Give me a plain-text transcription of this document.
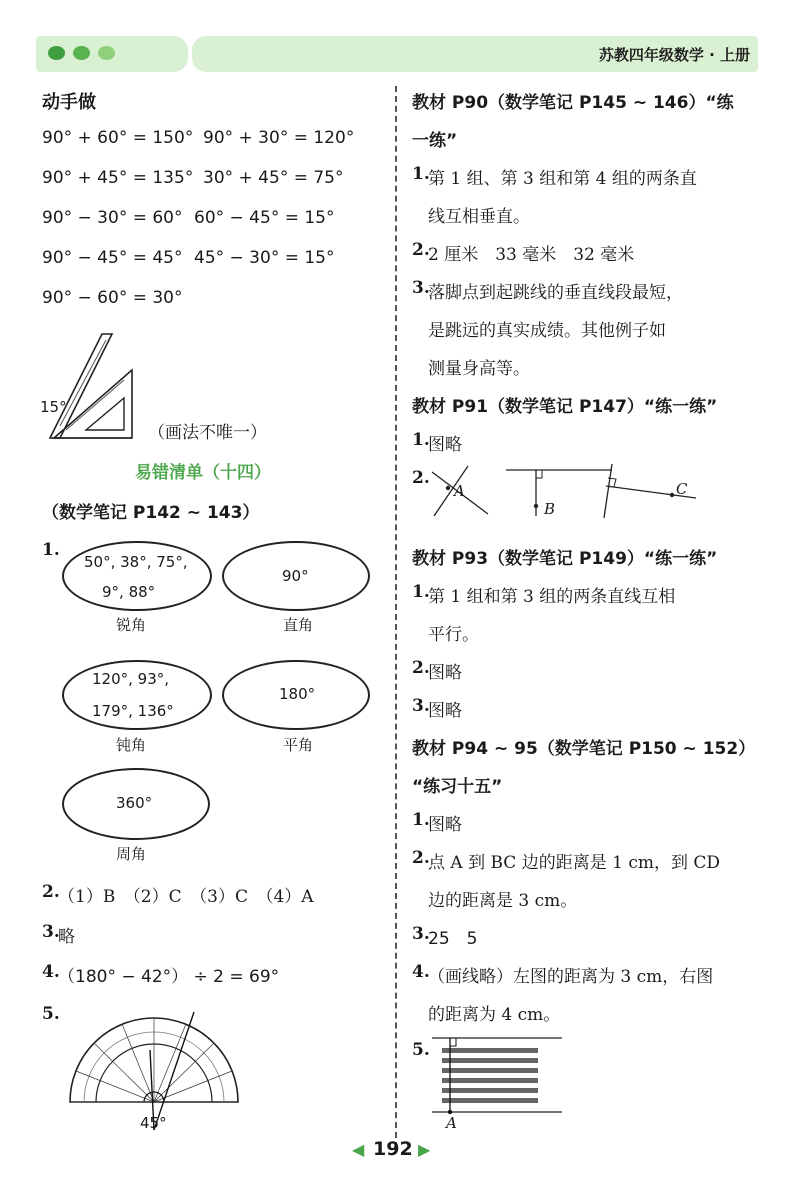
苏教四年级数学 · 上册
动手做
90° + 60° = 150° 90° + 30° = 120°
90° + 45° = 135° 30° + 45° = 75°
90° − 30° = 60° 60° − 45° = 15°
90° − 45° = 45° 45° − 30° = 15°
90° − 60° = 30°
15°
（画法不唯一）
易错清单（十四）
（数学笔记 P142 ~ 143）
1.
50°, 38°, 75°,
9°, 88°
锐角
90°
直角
120°, 93°,
179°, 136°
钝角
180°
平角
360°
周角
2.
（1）B　（2）C　（3）C　（4）A
3.
略
4.
（180° − 42°） ÷ 2 = 69°
5.
45°
教材 P90（数学笔记 P145 ~ 146）“练
一练”
1.
第 1 组、第 3 组和第 4 组的两条直
线互相垂直。
2.
2 厘米　33 毫米　32 毫米
3.
落脚点到起跳线的垂直线段最短，
是跳远的真实成绩。其他例子如
测量身高等。
教材 P91（数学笔记 P147）“练一练”
1.
图略
2.
A
B
C
教材 P93（数学笔记 P149）“练一练”
1.
第 1 组和第 3 组的两条直线互相
平行。
2.
图略
3.
图略
教材 P94 ~ 95（数学笔记 P150 ~ 152）
“练习十五”
1.
图略
2.
点 A 到 BC 边的距离是 1 cm，到 CD
边的距离是 3 cm。
3.
25　5
4.
（画线略）左图的距离为 3 cm，右图
的距离为 4 cm。
5.
A
◀ 192 ▶
